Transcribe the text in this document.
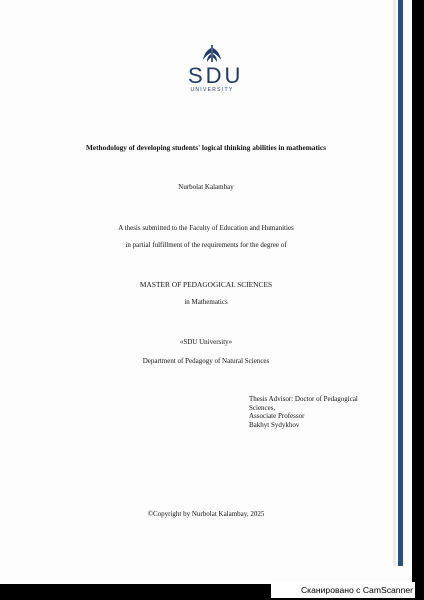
SDU
UNIVERSITY
Methodology of developing students' logical thinking abilities in mathematics
Nurbolat Kalambay
A thesis submitted to the Faculty of Education and Humanities
in partial fulfillment of the requirements for the degree of
MASTER OF PEDAGOGICAL SCIENCES
in Mathematics
«SDU University»
Department of Pedagogy of Natural Sciences
Thesis Advisor: Doctor of Pedagogical
Sciences,
Associate Professor
Bakhyt Sydykhov
©Copyright by Nurbolat Kalambay, 2025
Сканировано с CamScanner
